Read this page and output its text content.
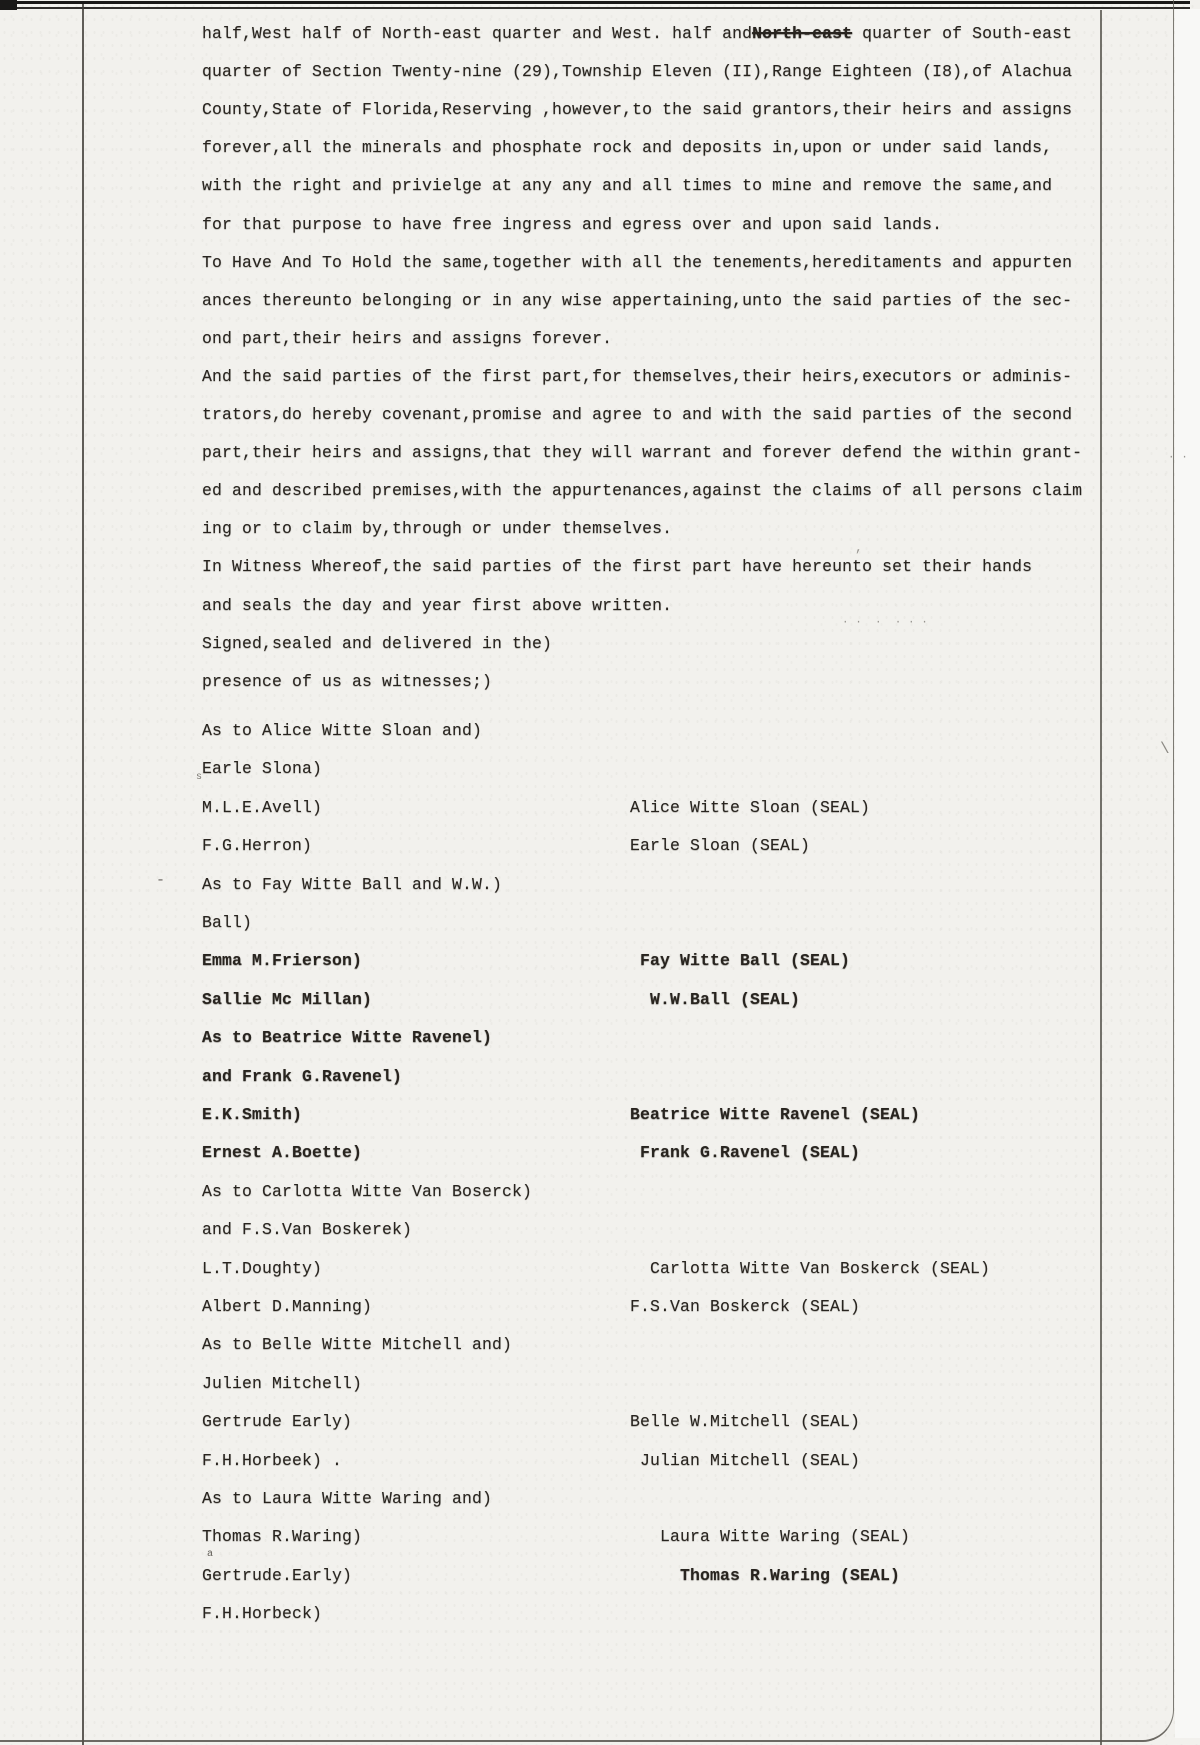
half,West half of North-east quarter and West. half andNorth-east quarter of South-east
quarter of Section Twenty-nine (29),Township Eleven (II),Range Eighteen (I8),of Alachua
County,State of Florida,Reserving ,however,to the said grantors,their heirs and assigns
forever,all the minerals and phosphate rock and deposits in,upon or under said lands,
with the right and privielge at any any and all times to mine and remove the same,and
for that purpose to have free ingress and egress over and upon said lands.
To Have And To Hold the same,together with all the tenements,hereditaments and appurten
ances thereunto belonging or in any wise appertaining,unto the said parties of the sec-
ond part,their heirs and assigns forever.
And the said parties of the first part,for themselves,their heirs,executors or adminis-
trators,do hereby covenant,promise and agree to and with the said parties of the second
part,their heirs and assigns,that they will warrant and forever defend the within grant-
ed and described premises,with the appurtenances,against the claims of all persons claim
ing or to claim by,through or under themselves.
In Witness Whereof,the said parties of the first part have hereunto set their hands
and seals the day and year first above written.
Signed,sealed and delivered in the)
presence of us as witnesses;)
As to Alice Witte Sloan and)
Earle Slona)
M.L.E.Avell)	Alice Witte Sloan (SEAL)
F.G.Herron)	Earle Sloan (SEAL)
As to Fay Witte Ball and W.W.)
Ball)
Emma M.Frierson)	Fay Witte Ball (SEAL)
Sallie Mc Millan)	W.W.Ball (SEAL)
As to Beatrice Witte Ravenel)
and Frank G.Ravenel)
E.K.Smith)	Beatrice Witte Ravenel (SEAL)
Ernest A.Boette)	Frank G.Ravenel (SEAL)
As to Carlotta Witte Van Boserck)
and F.S.Van Boskerek)
L.T.Doughty)	Carlotta Witte Van Boskerck (SEAL)
Albert D.Manning)	F.S.Van Boskerck (SEAL)
As to Belle Witte Mitchell and)
Julien Mitchell)
Gertrude Early)	Belle W.Mitchell (SEAL)
F.H.Horbeek) .	Julian Mitchell (SEAL)
As to Laura Witte Waring and)
Thomas R.Waring)	Laura Witte Waring (SEAL)
Gertrude.Early)	Thomas R.Waring (SEAL)
F.H.Horbeck)
-
· ·  ·  · · ·
\
a
s
,
· ·
